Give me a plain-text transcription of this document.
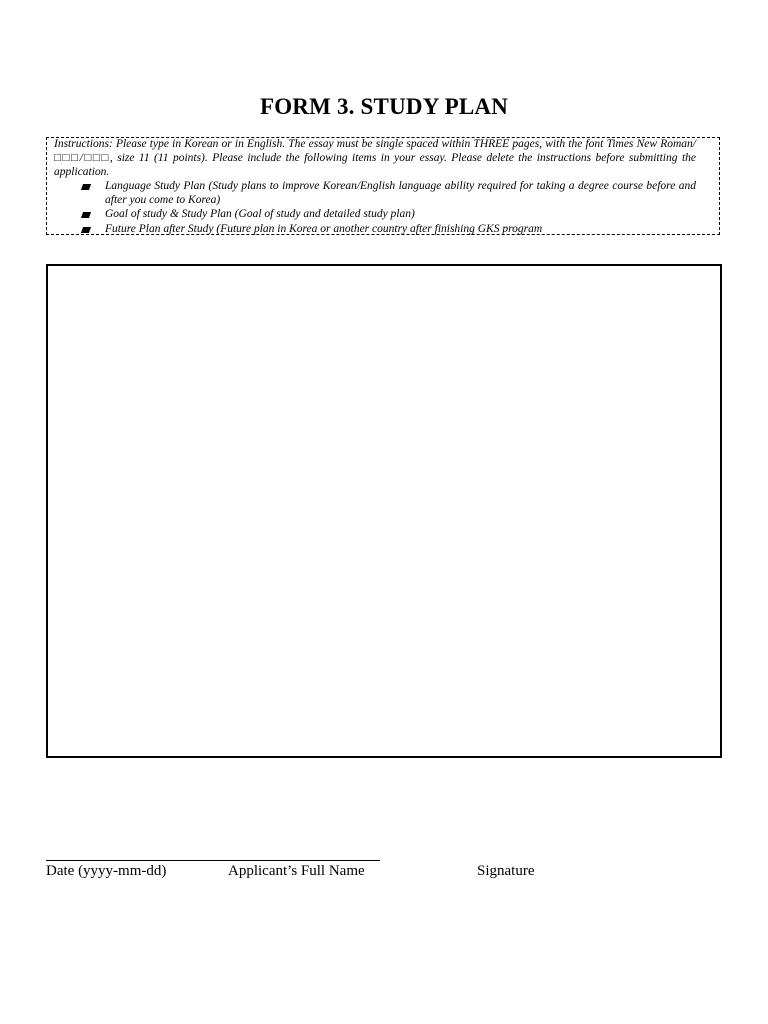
FORM 3. STUDY PLAN
Instructions: Please type in Korean or in English. The essay must be single spaced within THREE pages, with the font Times New Roman/□□□/□□□, size 11 (11 points). Please include the following items in your essay. Please delete the instructions before submitting the application.
Language Study Plan (Study plans to improve Korean/English language ability required for taking a degree course before and after you come to Korea)
Goal of study & Study Plan (Goal of study and detailed study plan)
Future Plan after Study (Future plan in Korea or another country after finishing GKS program
Date (yyyy-mm-dd)	Applicant’s Full Name	Signature
